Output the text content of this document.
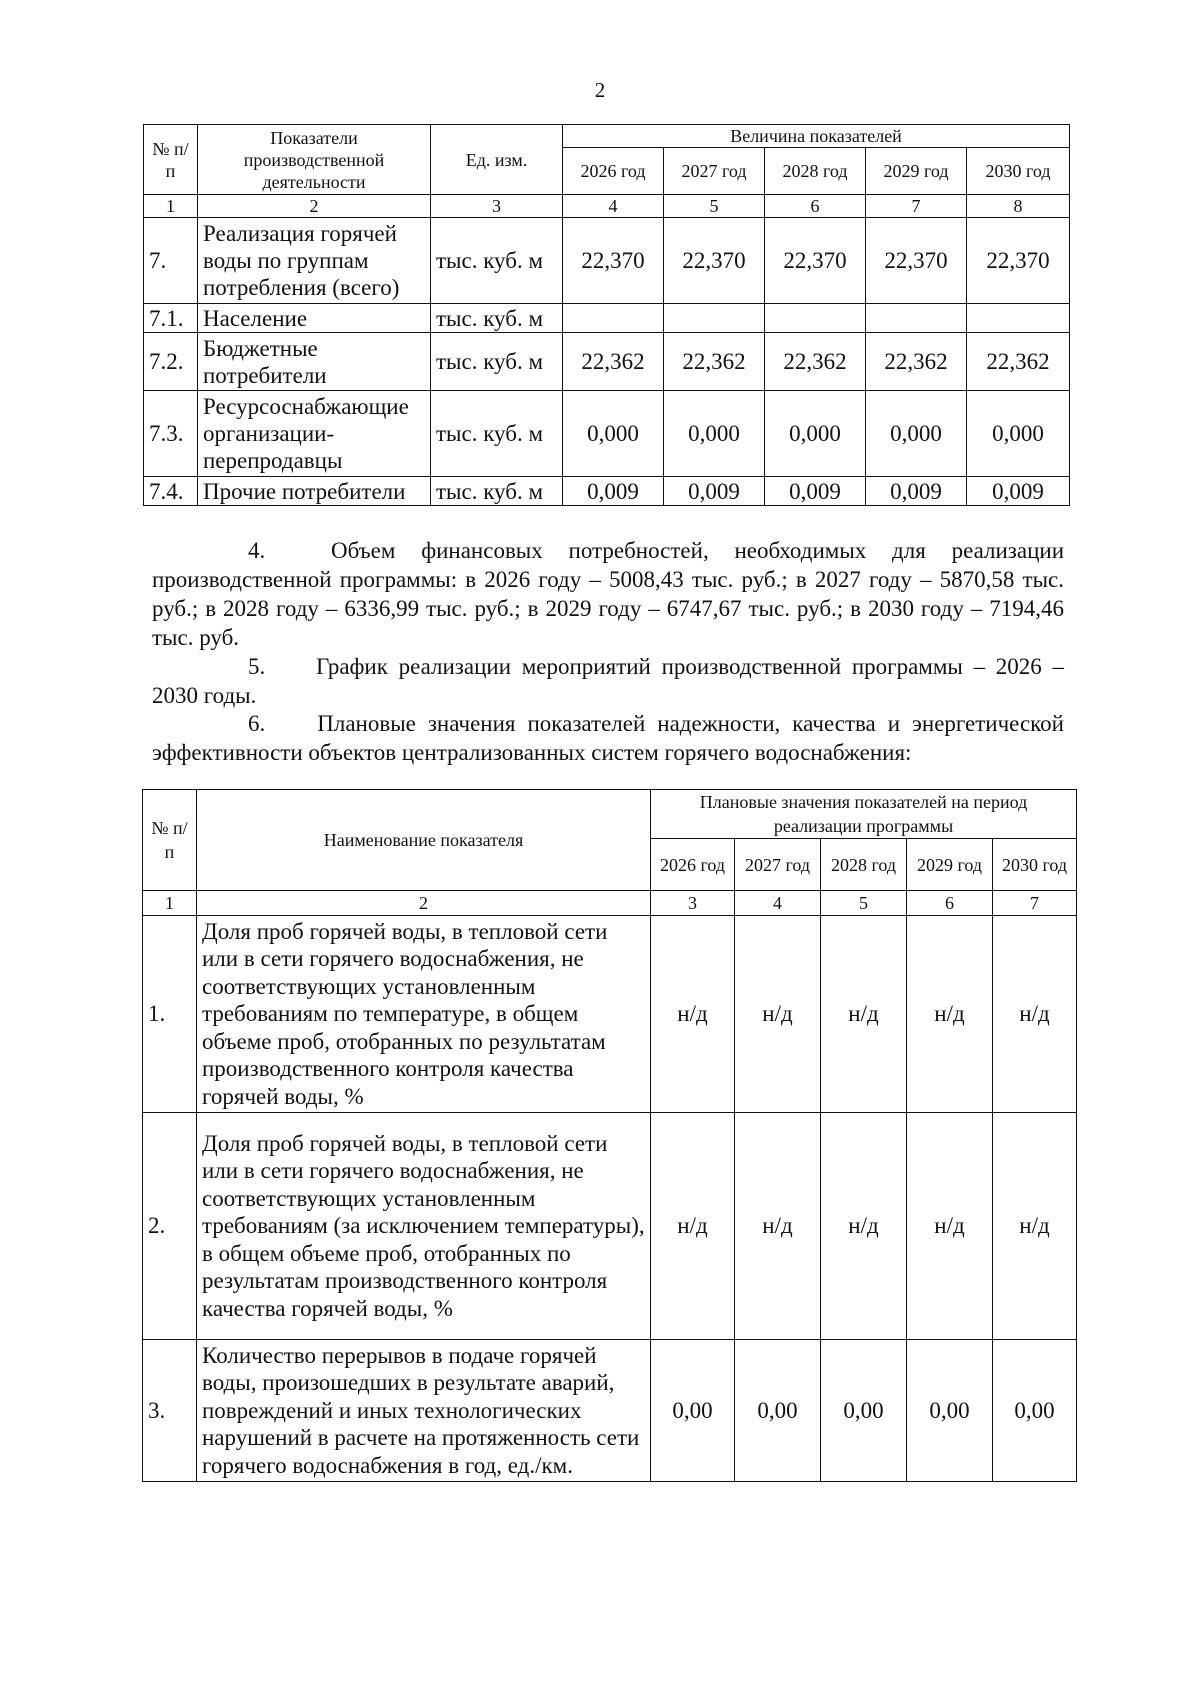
2
№ п/п	Показатели производственной деятельности	Ед. изм.	Величина показателей				
			2026 год	2027 год	2028 год	2029 год	2030 год
1	2	3	4	5	6	7	8
7.	Реализация горячей воды по группам потребления (всего)	тыс. куб. м	22,370	22,370	22,370	22,370	22,370
7.1.	Население	тыс. куб. м					
7.2.	Бюджетные потребители	тыс. куб. м	22,362	22,362	22,362	22,362	22,362
7.3.	Ресурсоснабжающие организации-перепродавцы	тыс. куб. м	0,000	0,000	0,000	0,000	0,000
7.4.	Прочие потребители	тыс. куб. м	0,009	0,009	0,009	0,009	0,009
4.	Объем финансовых потребностей, необходимых для реализации производственной программы: в 2026 году – 5008,43 тыс. руб.; в 2027 году – 5870,58 тыс. руб.; в 2028 году – 6336,99 тыс. руб.; в 2029 году – 6747,67 тыс. руб.; в 2030 году – 7194,46 тыс. руб.
5. График реализации мероприятий производственной программы – 2026 – 2030 годы.
6. Плановые значения показателей надежности, качества и энергетической эффективности объектов централизованных систем горячего водоснабжения:
№ п/п	Наименование показателя	Плановые значения показателей на период реализации программы				
		2026 год	2027 год	2028 год	2029 год	2030 год
1	2	3	4	5	6	7
1.	Доля проб горячей воды, в тепловой сети или в сети горячего водоснабжения, не соответствующих установленным требованиям по температуре, в общем объеме проб, отобранных по результатам производственного контроля качества горячей воды, %	н/д	н/д	н/д	н/д	н/д
2.	Доля проб горячей воды, в тепловой сети или в сети горячего водоснабжения, не соответствующих установленным требованиям (за исключением температуры), в общем объеме проб, отобранных по результатам производственного контроля качества горячей воды, %	н/д	н/д	н/д	н/д	н/д
3.	Количество перерывов в подаче горячей воды, произошедших в результате аварий, повреждений и иных технологических нарушений в расчете на протяженность сети горячего водоснабжения в год, ед./км.	0,00	0,00	0,00	0,00	0,00
